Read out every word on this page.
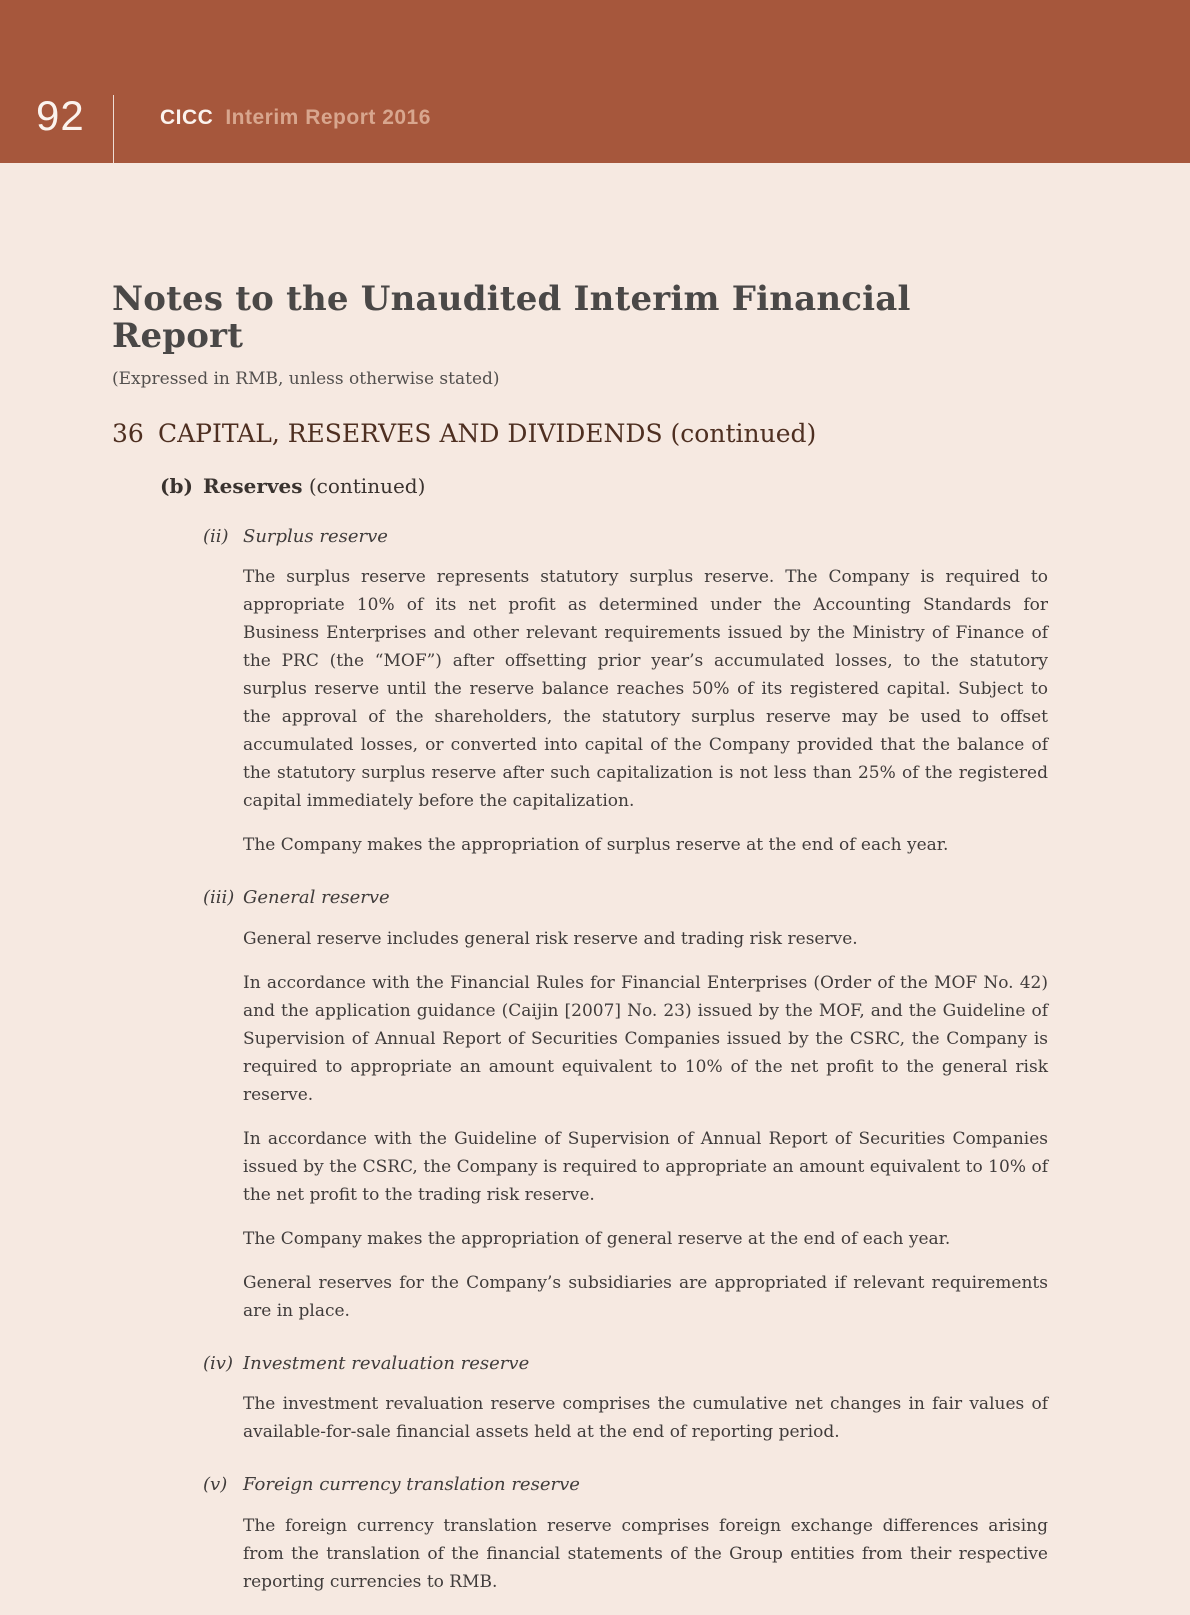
92	CICC Interim Report 2016
Notes to the Unaudited Interim Financial Report

(Expressed in RMB, unless otherwise stated)

36 CAPITAL, RESERVES AND DIVIDENDS (continued)
(b) Reserves (continued)
(ii) Surplus reserve

The surplus reserve represents statutory surplus reserve. The Company is required to appropriate 10% of its net profit as determined under the Accounting Standards for Business Enterprises and other relevant requirements issued by the Ministry of Finance of the PRC (the “MOF”) after offsetting prior year’s accumulated losses, to the statutory surplus reserve until the reserve balance reaches 50% of its registered capital. Subject to the approval of the shareholders, the statutory surplus reserve may be used to offset accumulated losses, or converted into capital of the Company provided that the balance of the statutory surplus reserve after such capitalization is not less than 25% of the registered capital immediately before the capitalization.

The Company makes the appropriation of surplus reserve at the end of each year.

(iii) General reserve

General reserve includes general risk reserve and trading risk reserve.

In accordance with the Financial Rules for Financial Enterprises (Order of the MOF No. 42) and the application guidance (Caijin [2007] No. 23) issued by the MOF, and the Guideline of Supervision of Annual Report of Securities Companies issued by the CSRC, the Company is required to appropriate an amount equivalent to 10% of the net profit to the general risk reserve.

In accordance with the Guideline of Supervision of Annual Report of Securities Companies issued by the CSRC, the Company is required to appropriate an amount equivalent to 10% of the net profit to the trading risk reserve.

The Company makes the appropriation of general reserve at the end of each year.

General reserves for the Company’s subsidiaries are appropriated if relevant requirements are in place.

(iv) Investment revaluation reserve

The investment revaluation reserve comprises the cumulative net changes in fair values of available-for-sale financial assets held at the end of reporting period.

(v) Foreign currency translation reserve

The foreign currency translation reserve comprises foreign exchange differences arising from the translation of the financial statements of the Group entities from their respective reporting currencies to RMB.
